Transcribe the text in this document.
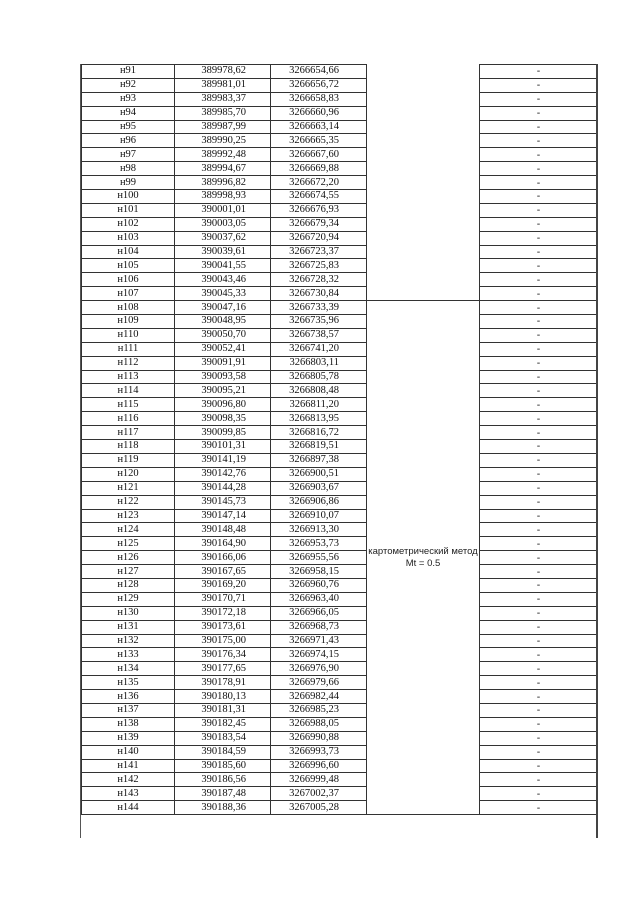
н91	389978,62	3266654,66		-
н92	389981,01	3266656,72		-
н93	389983,37	3266658,83		-
н94	389985,70	3266660,96		-
н95	389987,99	3266663,14		-
н96	389990,25	3266665,35		-
н97	389992,48	3266667,60		-
н98	389994,67	3266669,88		-
н99	389996,82	3266672,20		-
н100	389998,93	3266674,55		-
н101	390001,01	3266676,93		-
н102	390003,05	3266679,34		-
н103	390037,62	3266720,94		-
н104	390039,61	3266723,37		-
н105	390041,55	3266725,83		-
н106	390043,46	3266728,32		-
н107	390045,33	3266730,84		-
н108	390047,16	3266733,39	картометрический метод Mt = 0.5	-
н109	390048,95	3266735,96		-
н110	390050,70	3266738,57		-
н111	390052,41	3266741,20		-
н112	390091,91	3266803,11		-
н113	390093,58	3266805,78		-
н114	390095,21	3266808,48		-
н115	390096,80	3266811,20		-
н116	390098,35	3266813,95		-
н117	390099,85	3266816,72		-
н118	390101,31	3266819,51		-
н119	390141,19	3266897,38		-
н120	390142,76	3266900,51		-
н121	390144,28	3266903,67		-
н122	390145,73	3266906,86		-
н123	390147,14	3266910,07		-
н124	390148,48	3266913,30		-
н125	390164,90	3266953,73		-
н126	390166,06	3266955,56		-
н127	390167,65	3266958,15		-
н128	390169,20	3266960,76		-
н129	390170,71	3266963,40		-
н130	390172,18	3266966,05		-
н131	390173,61	3266968,73		-
н132	390175,00	3266971,43		-
н133	390176,34	3266974,15		-
н134	390177,65	3266976,90		-
н135	390178,91	3266979,66		-
н136	390180,13	3266982,44		-
н137	390181,31	3266985,23		-
н138	390182,45	3266988,05		-
н139	390183,54	3266990,88		-
н140	390184,59	3266993,73		-
н141	390185,60	3266996,60		-
н142	390186,56	3266999,48		-
н143	390187,48	3267002,37		-
н144	390188,36	3267005,28		-
